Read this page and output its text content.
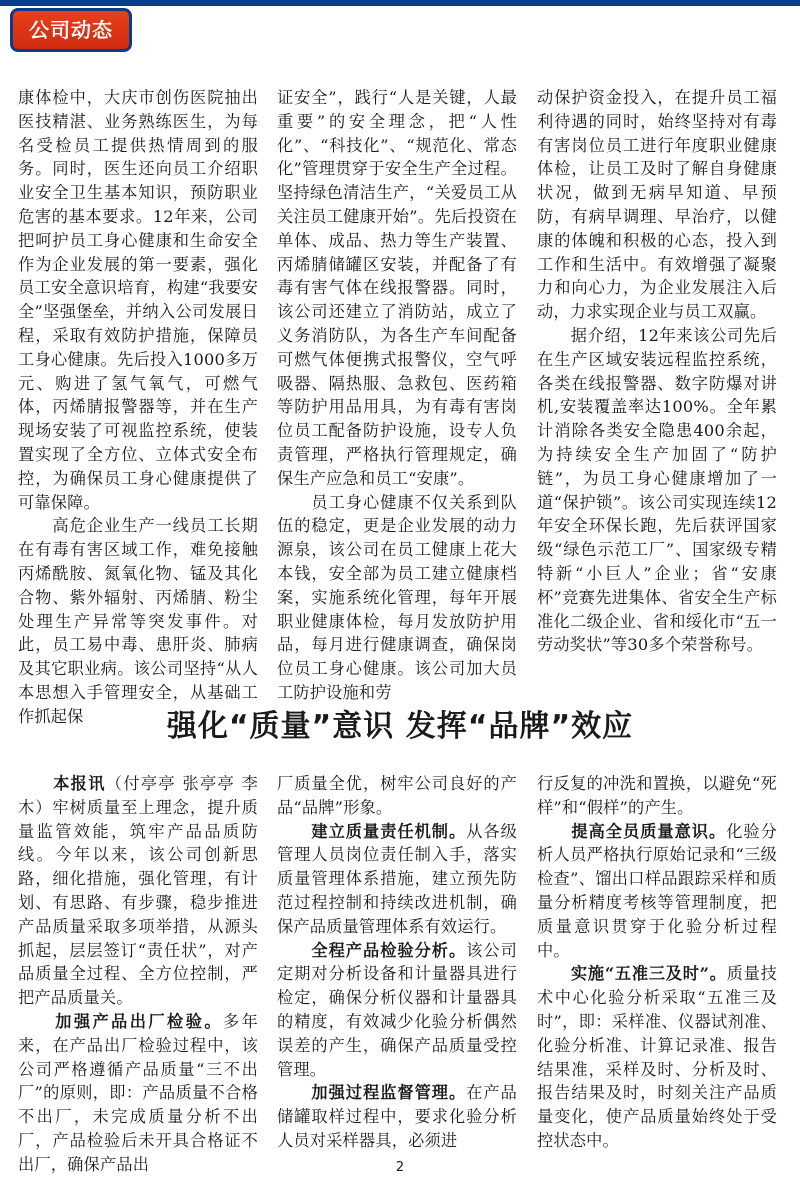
公司动态
康体检中，大庆市创伤医院抽出医技精湛、业务熟练医生，为每名受检员工提供热情周到的服务。同时，医生还向员工介绍职业安全卫生基本知识，预防职业危害的基本要求。12年来，公司把呵护员工身心健康和生命安全作为企业发展的第一要素，强化员工安全意识培育，构建“我要安全”坚强堡垒，并纳入公司发展日程，采取有效防护措施，保障员工身心健康。先后投入1000多万元、购进了氢气氧气，可燃气体，丙烯腈报警器等，并在生产现场安装了可视监控系统，使装置实现了全方位、立体式安全布控，为确保员工身心健康提供了可靠保障。
　　高危企业生产一线员工长期在有毒有害区域工作，难免接触丙烯酰胺、氮氧化物、锰及其化合物、紫外辐射、丙烯腈、粉尘处理生产异常等突发事件。对此，员工易中毒、患肝炎、肺病及其它职业病。该公司坚持“从人本思想入手管理安全，从基础工作抓起保
证安全”，践行“人是关键，人最重要”的安全理念，把“人性化”、“科技化”、“规范化、常态化”管理贯穿于安全生产全过程。坚持绿色清洁生产，“关爱员工从关注员工健康开始”。先后投资在单体、成品、热力等生产装置、丙烯腈储罐区安装，并配备了有毒有害气体在线报警器。同时，该公司还建立了消防站，成立了义务消防队，为各生产车间配备可燃气体便携式报警仪，空气呼吸器、隔热服、急救包、医药箱等防护用品用具，为有毒有害岗位员工配备防护设施，设专人负责管理，严格执行管理规定，确保生产应急和员工“安康”。
　　员工身心健康不仅关系到队伍的稳定，更是企业发展的动力源泉，该公司在员工健康上花大本钱，安全部为员工建立健康档案，实施系统化管理，每年开展职业健康体检，每月发放防护用品，每月进行健康调查，确保岗位员工身心健康。该公司加大员工防护设施和劳
动保护资金投入，在提升员工福利待遇的同时，始终坚持对有毒有害岗位员工进行年度职业健康体检，让员工及时了解自身健康状况，做到无病早知道、早预防，有病早调理、早治疗，以健康的体魄和积极的心态，投入到工作和生活中。有效增强了凝聚力和向心力，为企业发展注入后动，力求实现企业与员工双赢。
　　据介绍，12年来该公司先后在生产区域安装远程监控系统，各类在线报警器、数字防爆对讲机,安装覆盖率达100%。全年累计消除各类安全隐患400余起，为持续安全生产加固了“防护链”，为员工身心健康增加了一道“保护锁”。该公司实现连续12年安全环保长跑，先后获评国家级“绿色示范工厂”、国家级专精特新“小巨人”企业；省“安康杯”竞赛先进集体、省安全生产标准化二级企业、省和绥化市“五一劳动奖状”等30多个荣誉称号。
强化“质量”意识 发挥“品牌”效应
　　本报讯（付亭亭 张亭亭 李木）牢树质量至上理念，提升质量监管效能，筑牢产品品质防线。今年以来，该公司创新思路，细化措施，强化管理，有计划、有思路、有步骤，稳步推进产品质量采取多项举措，从源头抓起，层层签订“责任状”，对产品质量全过程、全方位控制，严把产品质量关。
　　加强产品出厂检验。多年来，在产品出厂检验过程中，该公司严格遵循产品质量“三不出厂”的原则，即：产品质量不合格不出厂，未完成质量分析不出厂，产品检验后未开具合格证不出厂，确保产品出
厂质量全优，树牢公司良好的产品“品牌”形象。
　　建立质量责任机制。从各级管理人员岗位责任制入手，落实质量管理体系措施，建立预先防范过程控制和持续改进机制，确保产品质量管理体系有效运行。
　　全程产品检验分析。该公司定期对分析设备和计量器具进行检定，确保分析仪器和计量器具的精度，有效减少化验分析偶然误差的产生，确保产品质量受控管理。
　　加强过程监督管理。在产品储罐取样过程中，要求化验分析人员对采样器具，必须进
行反复的冲洗和置换，以避免“死样”和“假样”的产生。
　　提高全员质量意识。化验分析人员严格执行原始记录和“三级检查”、馏出口样品跟踪采样和质量分析精度考核等管理制度，把质量意识贯穿于化验分析过程中。
　　实施“五准三及时”。质量技术中心化验分析采取“五准三及时”，即：采样准、仪器试剂准、化验分析准、计算记录准、报告结果准，采样及时、分析及时、报告结果及时，时刻关注产品质量变化，使产品质量始终处于受控状态中。
2
